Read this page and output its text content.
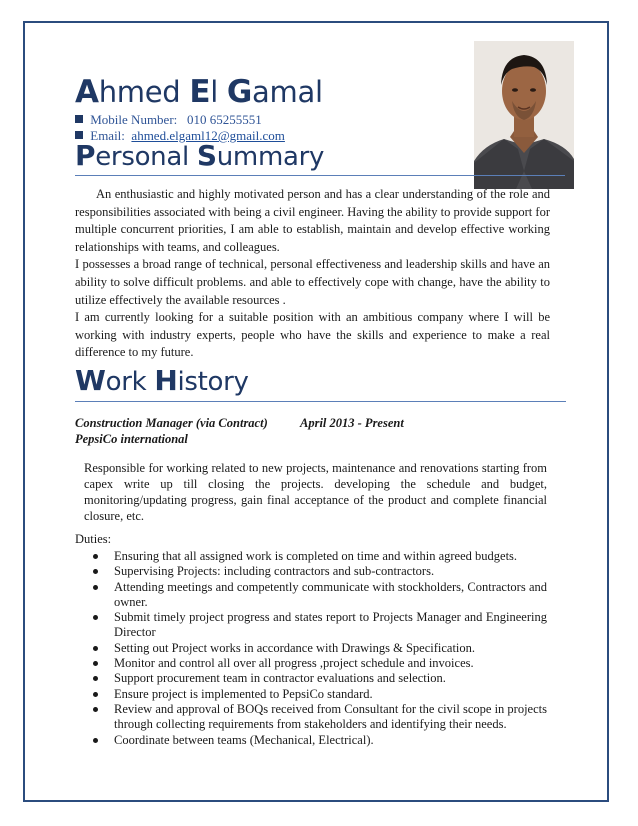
Ahmed El Gamal
Mobile Number: 010 65255551
Email: ahmed.elgaml12@gmail.com
Personal Summary

An enthusiastic and highly motivated person and has a clear understanding of the role and responsibilities associated with being a civil engineer. Having the ability to provide support for multiple concurrent priorities, I am able to establish, maintain and develop effective working relationships with teams, and colleagues.

I possesses a broad range of technical, personal effectiveness and leadership skills and have an ability to solve difficult problems. and able to effectively cope with change, have the ability to utilize effectively the available resources .

I am currently looking for a suitable position with an ambitious company where I will be working with industry experts, people who have the skills and experience to make a real difference to my future.

Work History
Construction Manager (via Contract)	April 2013 - Present
PepsiCo international
Responsible for working related to new projects, maintenance and renovations starting from capex write up till closing the projects. developing the schedule and budget, monitoring/updating progress, gain final acceptance of the product and complete financial closure, etc.
Duties:
Ensuring that all assigned work is completed on time and within agreed budgets.
Supervising Projects: including contractors and sub-contractors.
Attending meetings and competently communicate with stockholders, Contractors and owner.
Submit timely project progress and states report to Projects Manager and Engineering Director
Setting out Project works in accordance with Drawings & Specification.
Monitor and control all over all progress ,project schedule and invoices.
Support procurement team in contractor evaluations and selection.
Ensure project is implemented to PepsiCo standard.
Review and approval of BOQs received from Consultant for the civil scope in projects through collecting requirements from stakeholders and identifying their needs.
Coordinate between teams (Mechanical, Electrical).
